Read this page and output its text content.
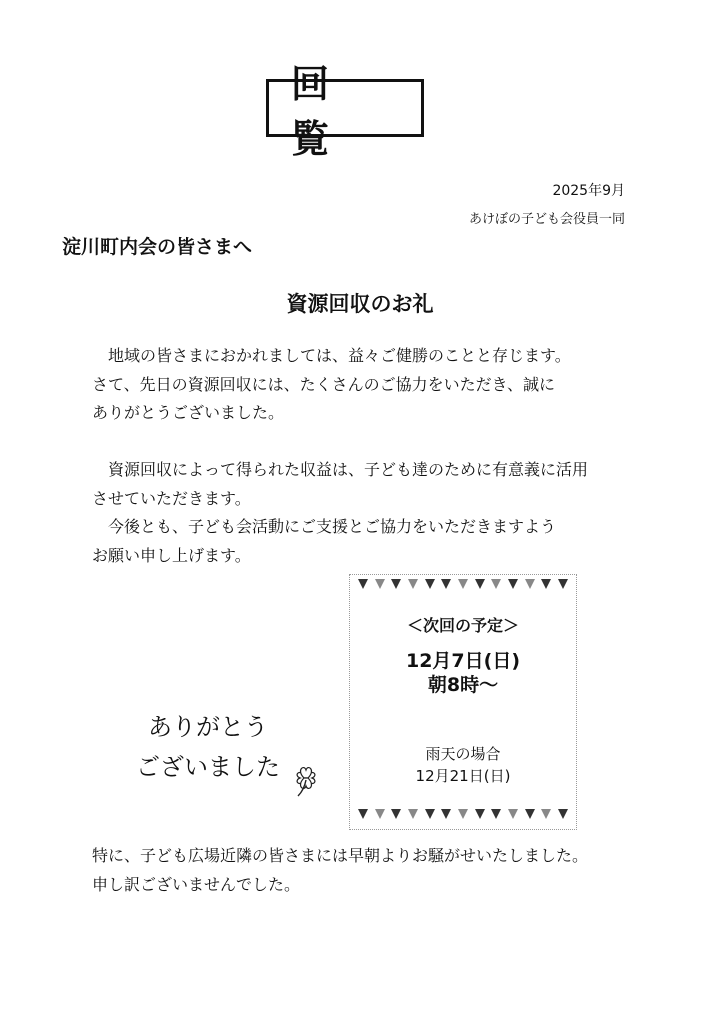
回 覧
2025年9月
あけぼの子ども会役員一同
淀川町内会の皆さまへ
資源回収のお礼
　地域の皆さまにおかれましては、益々ご健勝のことと存じます。
さて、先日の資源回収には、たくさんのご協力をいただき、誠に
ありがとうございました。
　資源回収によって得られた収益は、子ども達のために有意義に活用
させていただきます。
　今後とも、子ども会活動にご支援とご協力をいただきますよう
お願い申し上げます。
＜次回の予定＞
12月7日(日)
朝8時〜
雨天の場合
12月21日(日)
ありがとう
ございました
特に、子ども広場近隣の皆さまには早朝よりお騒がせいたしました。
申し訳ございませんでした。
